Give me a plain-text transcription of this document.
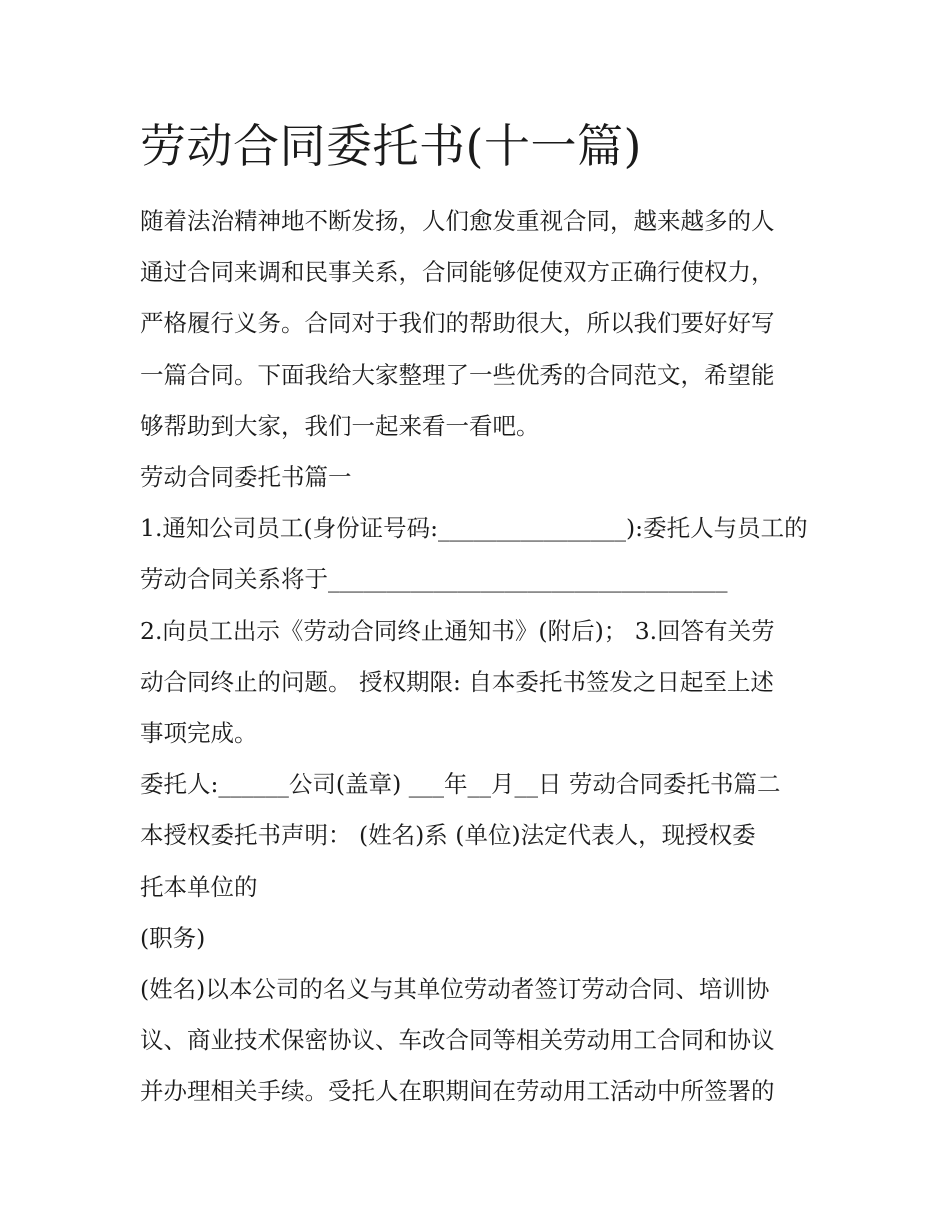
劳动合同委托书(十一篇)
随着法治精神地不断发扬，人们愈发重视合同，越来越多的人
通过合同来调和民事关系，合同能够促使双方正确行使权力，
严格履行义务。合同对于我们的帮助很大，所以我们要好好写
一篇合同。下面我给大家整理了一些优秀的合同范文，希望能
够帮助到大家，我们一起来看一看吧。
劳动合同委托书篇一
1.通知公司员工(身份证号码:________________):委托人与员工的
劳动合同关系将于__________________________________
2.向员工出示《劳动合同终止通知书》(附后)； 3.回答有关劳
动合同终止的问题。 授权期限: 自本委托书签发之日起至上述
事项完成。
委托人:______公司(盖章) ___年__月__日 劳动合同委托书篇二
本授权委托书声明： (姓名)系 (单位)法定代表人，现授权委
托本单位的
(职务)
(姓名)以本公司的名义与其单位劳动者签订劳动合同、培训协
议、商业技术保密协议、车改合同等相关劳动用工合同和协议
并办理相关手续。受托人在职期间在劳动用工活动中所签署的
